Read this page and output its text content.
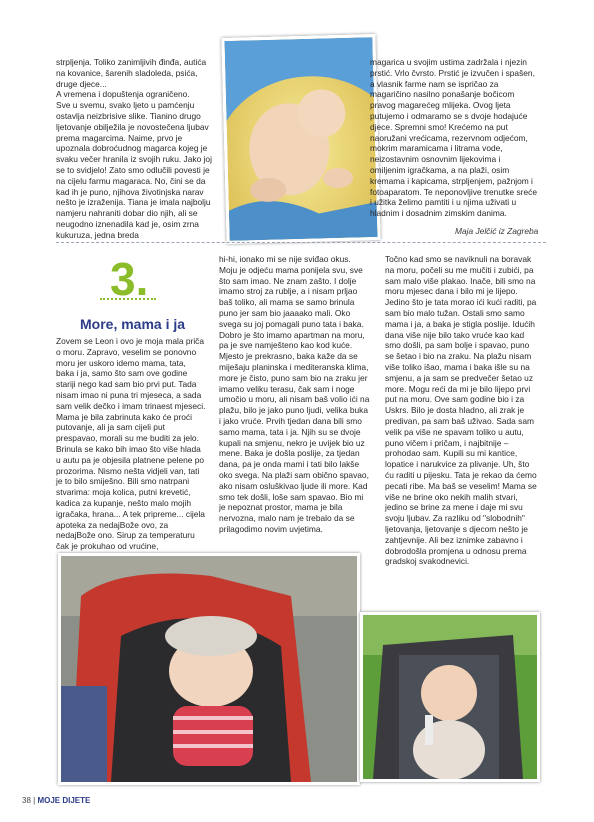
strpljenja. Toliko zanimljivih đinđa, autića na kovanice, šarenih sladoleda, psića, druge djece...

A vremena i dopuštenja ograničeno.

Sve u svemu, svako ljeto u pamćenju ostavlja neizbrisive slike. Tianino drugo ljetovanje obilježila je novostečena ljubav prema magarcima. Naime, prvo je upoznala dobroćudnog magarca kojeg je svaku večer hranila iz svojih ruku. Jako joj se to svidjelo! Zato smo odlučili povesti je na cijelu farmu magaraca. No, čini se da kad ih je puno, njihova životinjska narav nešto je izraženija. Tiana je imala najbolju namjeru nahraniti dobar dio njih, ali se neugodno iznenadila kad je, osim zrna kukuruza, jedna breda

magarica u svojim ustima zadržala i njezin prstić. Vrlo čvrsto. Prstić je izvučen i spašen, a vlasnik farme nam se ispričao za magaričino nasilno ponašanje bočicom pravog magarećeg mlijeka. Ovog ljeta putujemo i odmaramo se s dvoje hodajuće djece. Spremni smo! Krećemo na put naoružani vrećicama, rezervnom odjećom, mokrim maramicama i litrama vode, neizostavnim osnovnim lijekovima i omiljenim igračkama, a na plaži, osim kremama i kapicama, strpljenjem, pažnjom i fotoaparatom. Te neponovljive trenutke sreće i užitka želimo pamtiti i u njima uživati u hladnim i dosadnim zimskim danima.

Maja Jelčić iz Zagreba
3.
More, mama i ja

Zovem se Leon i ovo je moja mala priča o moru. Zapravo, veselim se ponovno moru jer uskoro idemo mama, tata, baka i ja, samo što sam ove godine stariji nego kad sam bio prvi put. Tada nisam imao ni puna tri mjeseca, a sada sam velik dečko i imam trinaest mjeseci. Mama je bila zabrinuta kako će proći putovanje, ali ja sam cijeli put prespavao, morali su me buditi za jelo. Brinula se kako bih imao što više hlada u autu pa je objesila platnene pelene po prozorima. Nismo nešta vidjeli van, tati je to bilo smiješno. Bili smo natrpani stvarima: moja kolica, putni krevetić, kadica za kupanje, nešto malo mojih igračaka, hrana... A tek pripreme... cijela apoteka za nedajBože ovo, za nedajBože ono. Sirup za temperaturu čak je prokuhao od vrućine,

hi-hi, ionako mi se nije sviđao okus. Moju je odjeću mama ponijela svu, sve što sam imao. Ne znam zašto. I dolje imamo stroj za rublje, a i nisam prljao baš toliko, ali mama se samo brinula puno jer sam bio jaaaako mali. Oko svega su joj pomagali puno tata i baka. Dobro je što imamo apartman na moru, pa je sve namješteno kao kod kuće. Mjesto je prekrasno, baka kaže da se miješaju planinska i mediteranska klima, more je čisto, puno sam bio na zraku jer imamo veliku terasu, čak sam i noge umočio u moru, ali nisam baš volio ići na plažu, bilo je jako puno ljudi, velika buka i jako vruće. Prvih tjedan dana bili smo samo mama, tata i ja. Njih su se dvoje kupali na smjenu, nekro je uvijek bio uz mene. Baka je došla poslije, za tjedan dana, pa je onda mami i tati bilo lakše oko svega. Na plaži sam obično spavao, ako nisam osluškivao ljude ili more. Kad smo tek došli, loše sam spavao. Bio mi je nepoznat prostor, mama je bila nervozna, malo nam je trebalo da se prilagodimo novim uvjetima.

Točno kad smo se naviknuli na boravak na moru, počeli su me mučiti i zubići, pa sam malo više plakao. Inače, bili smo na moru mjesec dana i bilo mi je lijepo. Jedino što je tata morao ići kući raditi, pa sam bio malo tužan. Ostali smo samo mama i ja, a baka je stigla poslije. Idućih dana više nije bilo tako vruće kao kad smo došli, pa sam bolje i spavao, puno se šetao i bio na zraku. Na plažu nisam više toliko išao, mama i baka išle su na smjenu, a ja sam se predvečer šetao uz more. Mogu reći da mi je bilo lijepo prvi put na moru. Ove sam godine bio i za Uskrs. Bilo je dosta hladno, ali zrak je predivan, pa sam baš uživao. Sada sam velik pa više ne spavam toliko u autu, puno vičem i pričam, i najbitnije – prohodao sam. Kupili su mi kantice, lopatice i narukvice za plivanje. Uh, što ću raditi u pijesku. Tata je rekao da ćemo pecati ribe. Ma baš se veselim! Mama se više ne brine oko nekih malih stvari, jedino se brine za mene i daje mi svu svoju ljubav. Za razliku od "slobodnih" ljetovanja, ljetovanje s djecom nešto je zahtjevnije. Ali bez iznimke zabavno i dobrodošla promjena u odnosu prema gradskoj svakodnevici.

38 | MOJE DIJETE
